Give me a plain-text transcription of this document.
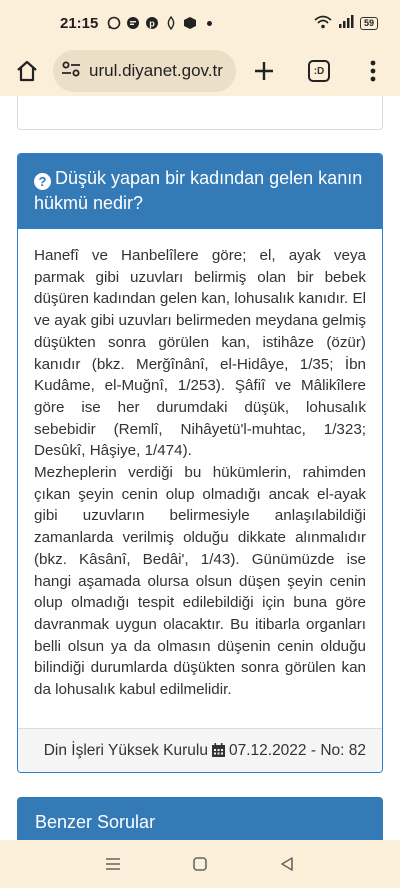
21:15	p	59
urul.diyanet.gov.tr	:D
? Düşük yapan bir kadından gelen kanın hükmü nedir?

Hanefî ve Hanbelîlere göre; el, ayak veya parmak gibi uzuvları belirmiş olan bir bebek düşüren kadından gelen kan, lohusalık kanıdır. El ve ayak gibi uzuvları belirmeden meydana gelmiş düşükten sonra görülen kan, istihâze (özür) kanıdır (bkz. Merğînânî, el-Hidâye, 1/35; İbn Kudâme, el-Muğnî, 1/253). Şâfiî ve Mâlikîlere göre ise her durumdaki düşük, lohusalık sebebidir (Remlî, Nihâyetü'l-muhtac, 1/323; Desûkî, Hâşiye, 1/474).

Mezheplerin verdiği bu hükümlerin, rahimden çıkan şeyin cenin olup olmadığı ancak el-ayak gibi uzuvların belirmesiyle anlaşılabildiği zamanlarda verilmiş olduğu dikkate alınmalıdır (bkz. Kâsânî, Bedâi', 1/43). Günümüzde ise hangi aşamada olursa olsun düşen şeyin cenin olup olmadığı tespit edilebildiği için buna göre davranmak uygun olacaktır. Bu itibarla organları belli olsun ya da olmasın düşenin cenin olduğu bilindiği durumlarda düşükten sonra görülen kan da lohusalık kabul edilmelidir.

Din İşleri Yüksek Kurulu 07.12.2022 - No: 82
Benzer Sorular
